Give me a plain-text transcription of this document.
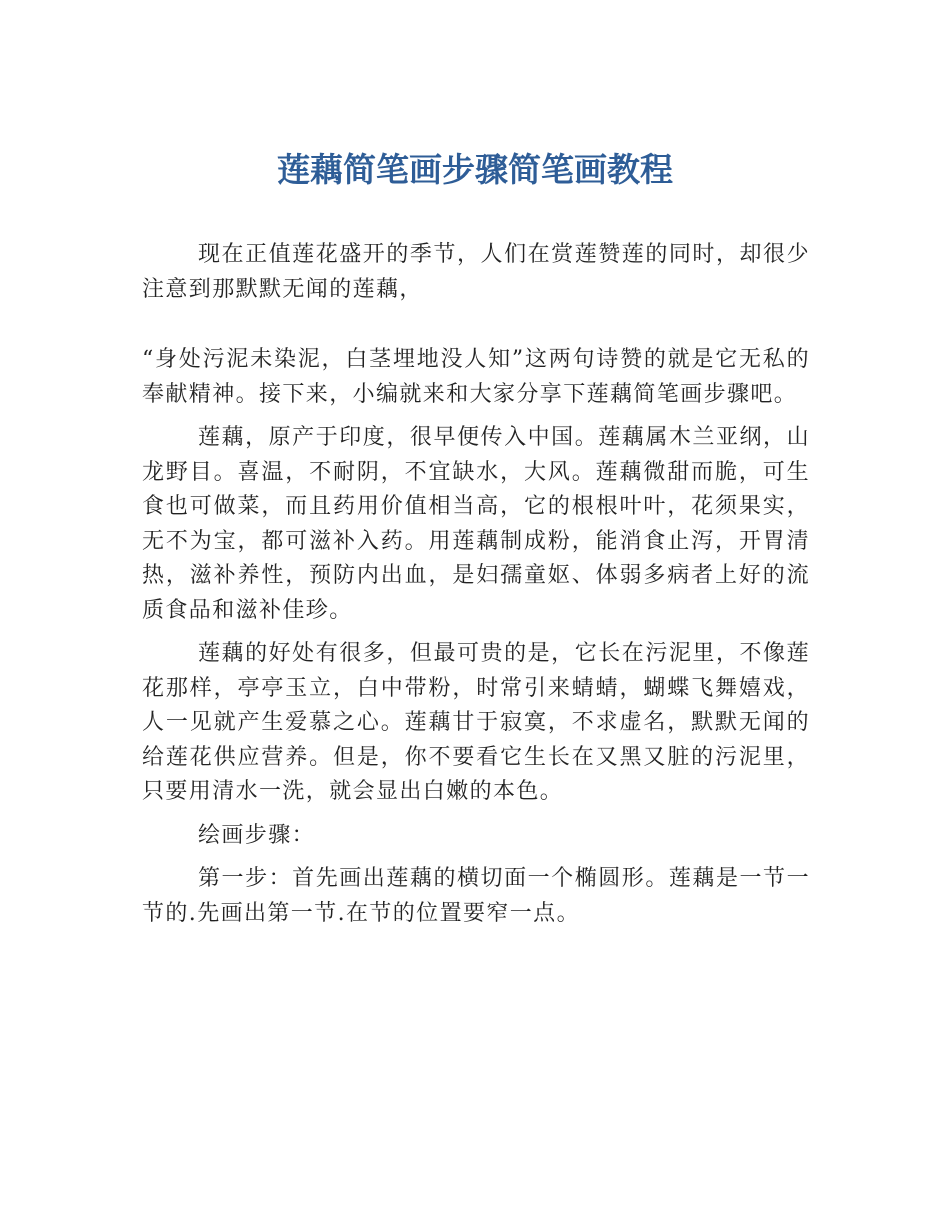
莲藕简笔画步骤简笔画教程

现在正值莲花盛开的季节，人们在赏莲赞莲的同时，却很少注意到那默默无闻的莲藕，

“身处污泥未染泥，白茎埋地没人知”这两句诗赞的就是它无私的奉献精神。接下来，小编就来和大家分享下莲藕简笔画步骤吧。

莲藕，原产于印度，很早便传入中国。莲藕属木兰亚纲，山龙野目。喜温，不耐阴，不宜缺水，大风。莲藕微甜而脆，可生食也可做菜，而且药用价值相当高，它的根根叶叶，花须果实，无不为宝，都可滋补入药。用莲藕制成粉，能消食止泻，开胃清热，滋补养性，预防内出血，是妇孺童妪、体弱多病者上好的流质食品和滋补佳珍。

莲藕的好处有很多，但最可贵的是，它长在污泥里，不像莲花那样，亭亭玉立，白中带粉，时常引来蜻蜻，蝴蝶飞舞嬉戏，人一见就产生爱慕之心。莲藕甘于寂寞，不求虚名，默默无闻的给莲花供应营养。但是，你不要看它生长在又黑又脏的污泥里，只要用清水一洗，就会显出白嫩的本色。

绘画步骤：

第一步：首先画出莲藕的横切面一个椭圆形。莲藕是一节一节的.先画出第一节.在节的位置要窄一点。
